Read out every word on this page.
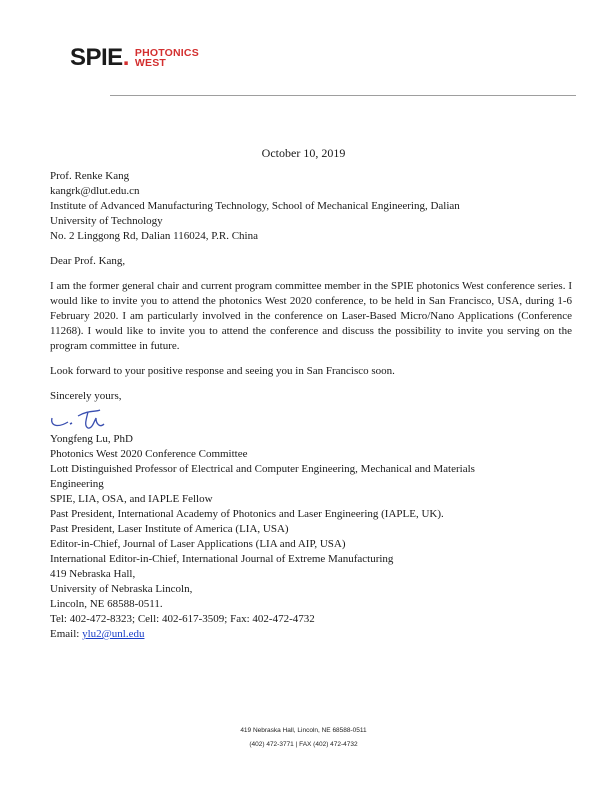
SPIE. PHOTONICS
WEST
October 10, 2019
Prof. Renke Kang
kangrk@dlut.edu.cn
Institute of Advanced Manufacturing Technology, School of Mechanical Engineering, Dalian
University of Technology
No. 2 Linggong Rd, Dalian 116024, P.R. China
Dear Prof. Kang,
I am the former general chair and current program committee member in the SPIE photonics West conference series. I would like to invite you to attend the photonics West 2020 conference, to be held in San Francisco, USA, during 1-6 February 2020. I am particularly involved in the conference on Laser-Based Micro/Nano Applications (Conference 11268). I would like to invite you to attend the conference and discuss the possibility to invite you serving on the program committee in future.
Look forward to your positive response and seeing you in San Francisco soon.
Sincerely yours,
Yongfeng Lu, PhD
Photonics West 2020 Conference Committee
Lott Distinguished Professor of Electrical and Computer Engineering, Mechanical and Materials
Engineering
SPIE, LIA, OSA, and IAPLE Fellow
Past President, International Academy of Photonics and Laser Engineering (IAPLE, UK).
Past President, Laser Institute of America (LIA, USA)
Editor-in-Chief, Journal of Laser Applications (LIA and AIP, USA)
International Editor-in-Chief, International Journal of Extreme Manufacturing
419 Nebraska Hall,
University of Nebraska Lincoln,
Lincoln, NE 68588-0511.
Tel: 402-472-8323; Cell: 402-617-3509; Fax: 402-472-4732
Email: ylu2@unl.edu
419 Nebraska Hall, Lincoln, NE 68588-0511
(402) 472-3771 | FAX (402) 472-4732
